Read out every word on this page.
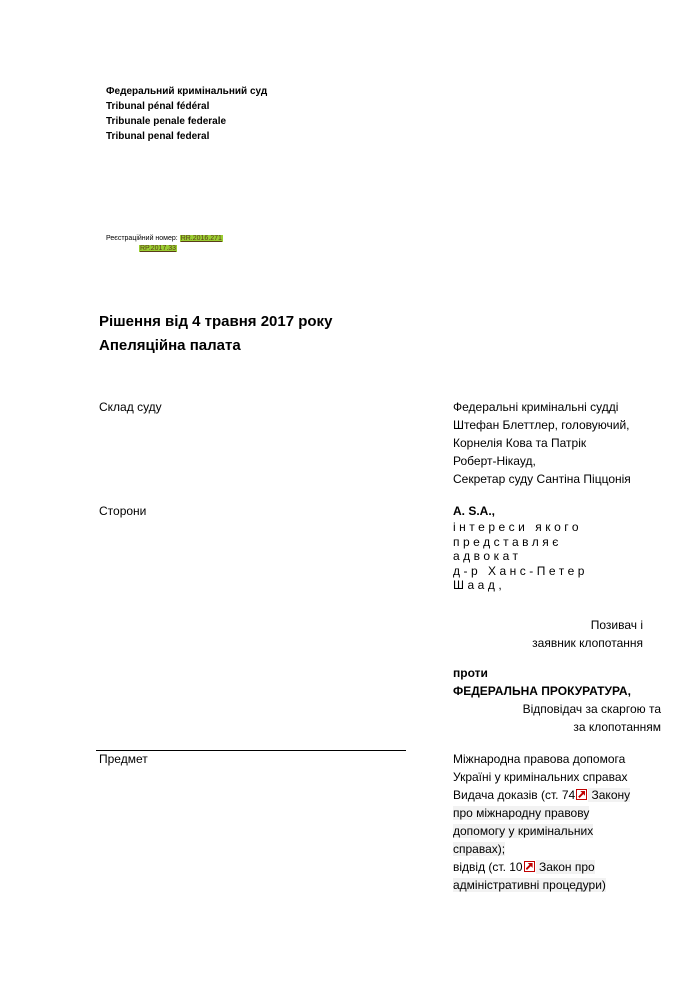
Федеральний кримінальний суд
Tribunal pénal fédéral
Tribunale penale federale
Tribunal penal federal
Реєстраційний номер: RR.2016.271
RP.2017.33
Рішення від 4 травня 2017 року
Апеляційна палата
Склад суду	Федеральні кримінальні судді
Штефан Блеттлер, головуючий,
Корнелія Кова та Патрік
Роберт-Нікауд,
Секретар суду Сантіна Піццонія
Сторони	A. S.A.,
інтереси якого
представляє
адвокат
д-р Ханс-Петер
Шаад,
Позивач і
заявник клопотання
проти
ФЕДЕРАЛЬНА ПРОКУРАТУРА,
Відповідач за скаргою та
за клопотанням
Предмет	Міжнародна правова допомога
Україні у кримінальних справах
Видача доказів (ст. 74 Закону
про міжнародну правову
допомогу у кримінальних
справах);
відвід (ст. 10 Закон про
адміністративні процедури)
